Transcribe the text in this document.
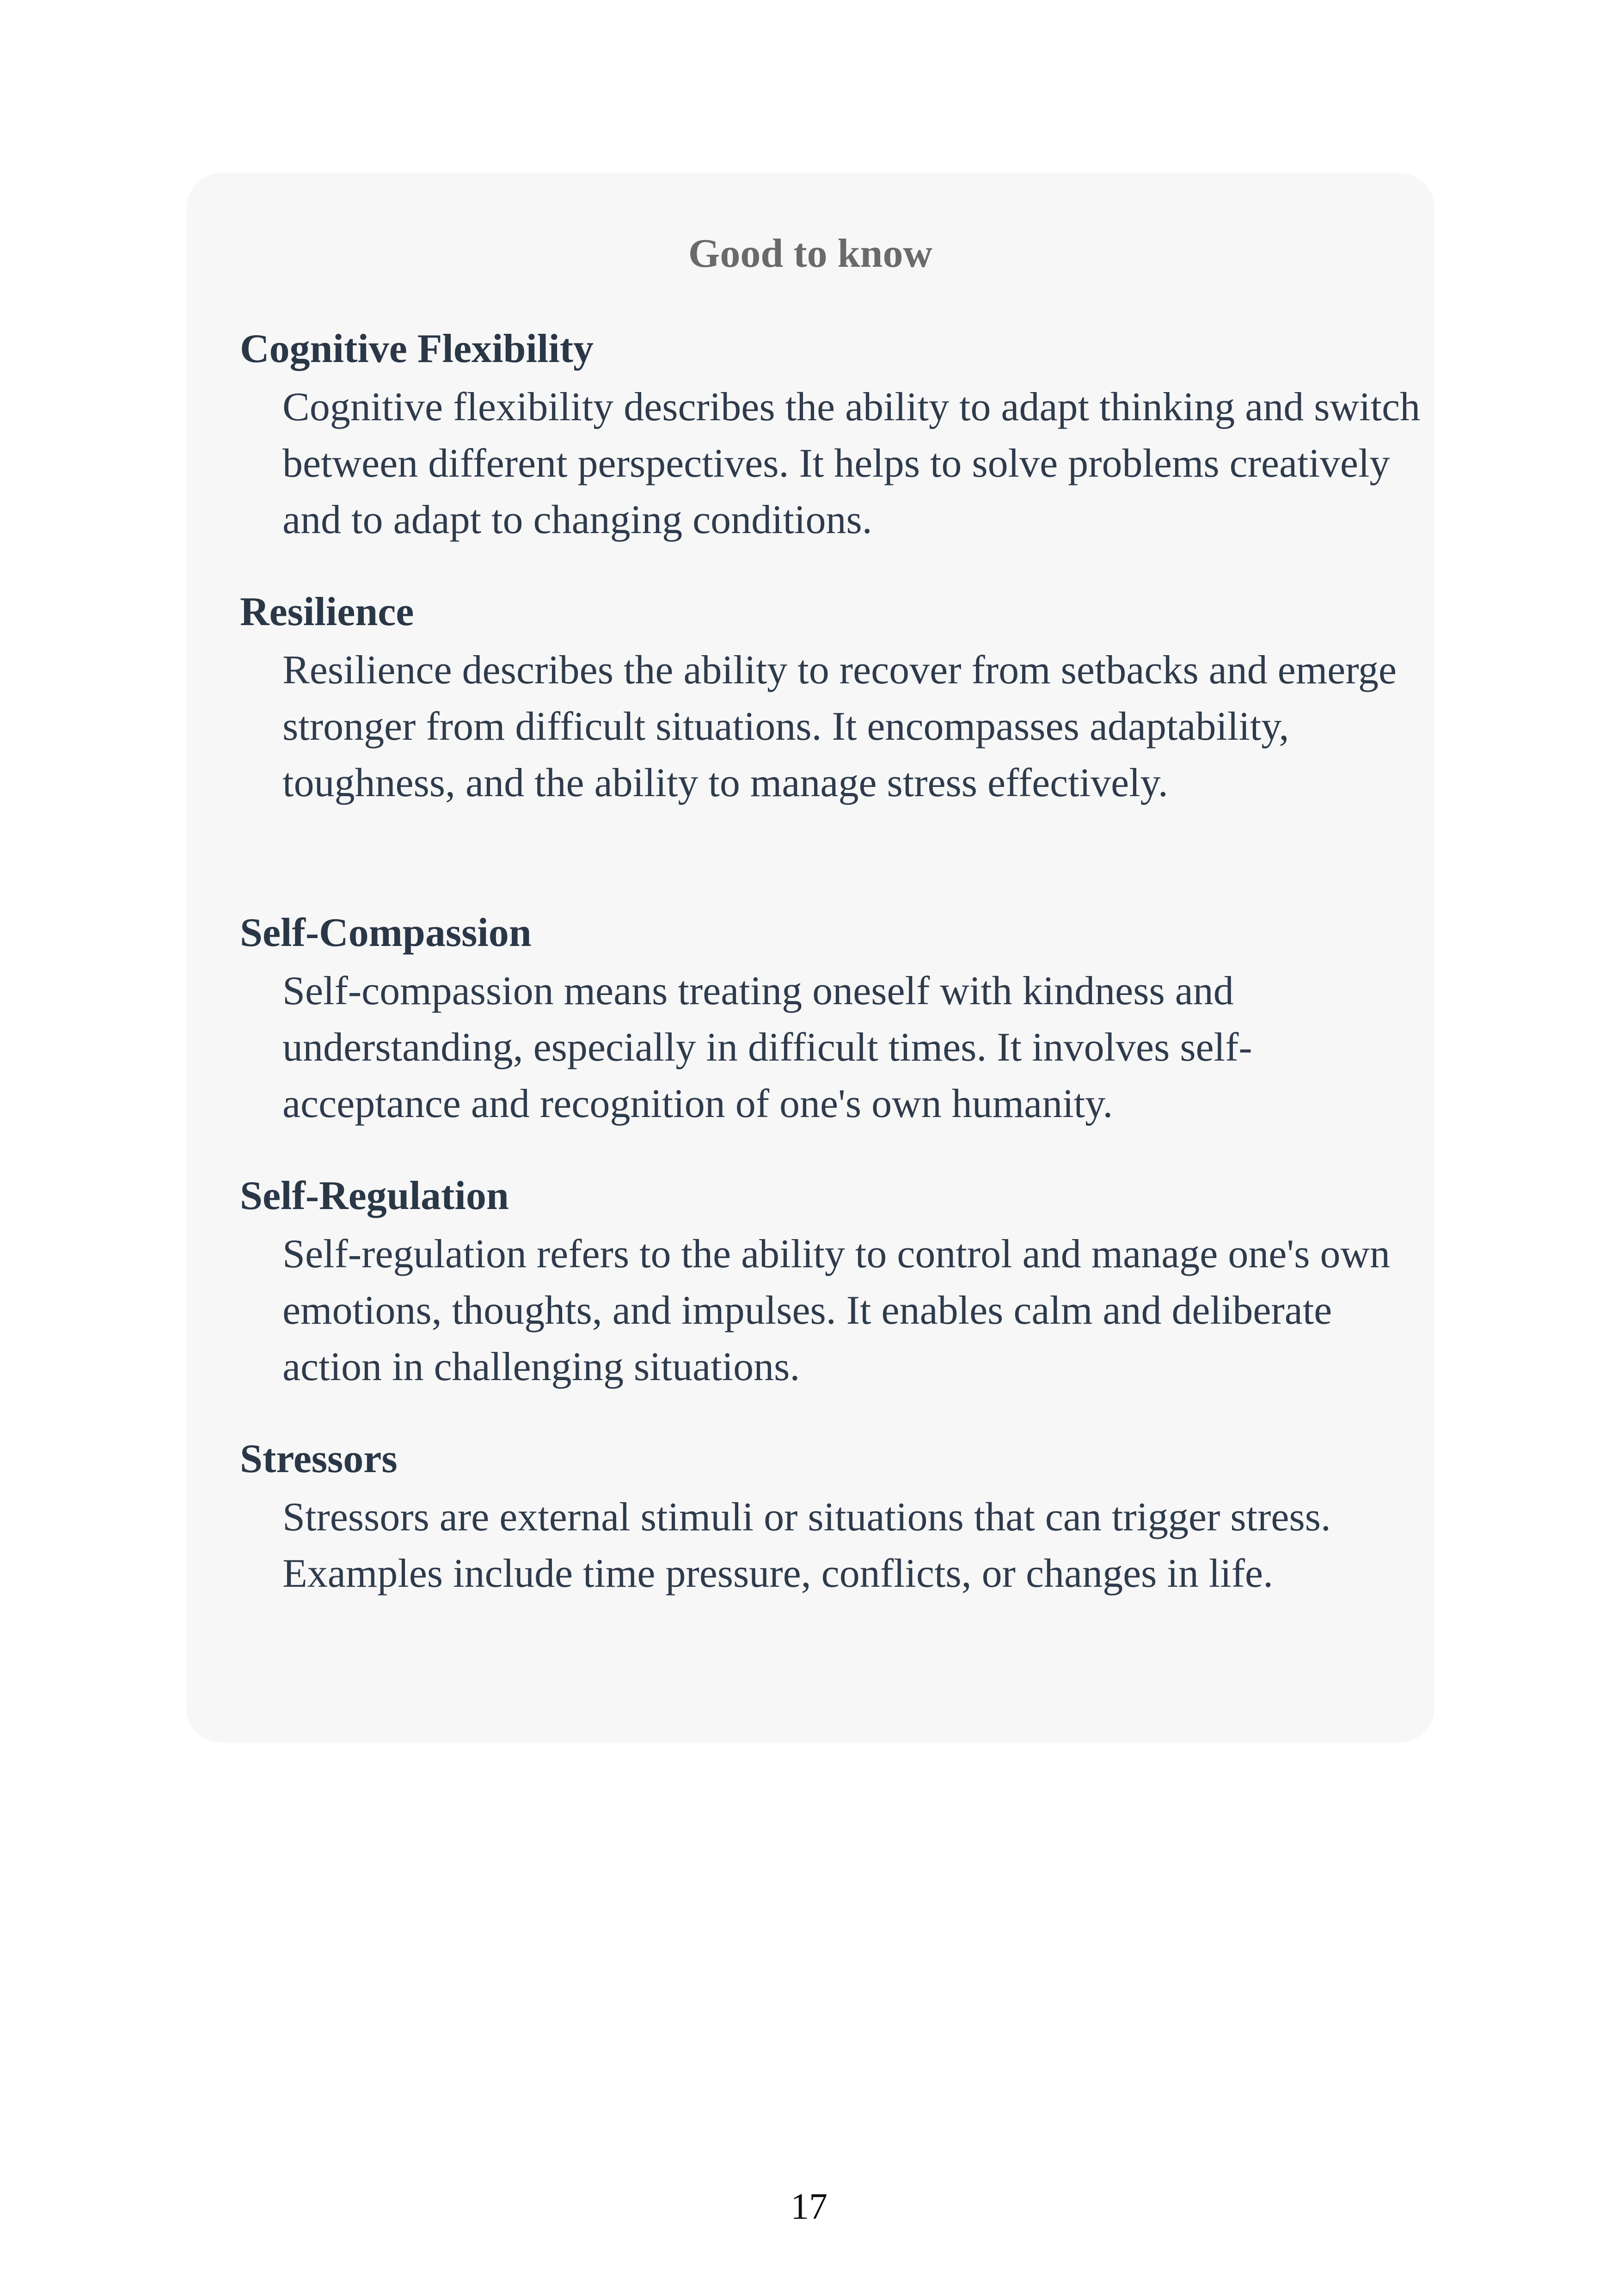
Good to know
Cognitive Flexibility
Cognitive flexibility describes the ability to adapt thinking and switch between different perspectives. It helps to solve problems creatively and to adapt to changing conditions.
Resilience
Resilience describes the ability to recover from setbacks and emerge stronger from difficult situations. It encompasses adaptability, toughness, and the ability to manage stress effectively.
Self-Compassion
Self-compassion means treating oneself with kindness and understanding, especially in difficult times. It involves self-acceptance and recognition of one's own humanity.
Self-Regulation
Self-regulation refers to the ability to control and manage one's own emotions, thoughts, and impulses. It enables calm and deliberate action in challenging situations.
Stressors
Stressors are external stimuli or situations that can trigger stress. Examples include time pressure, conflicts, or changes in life.
17
